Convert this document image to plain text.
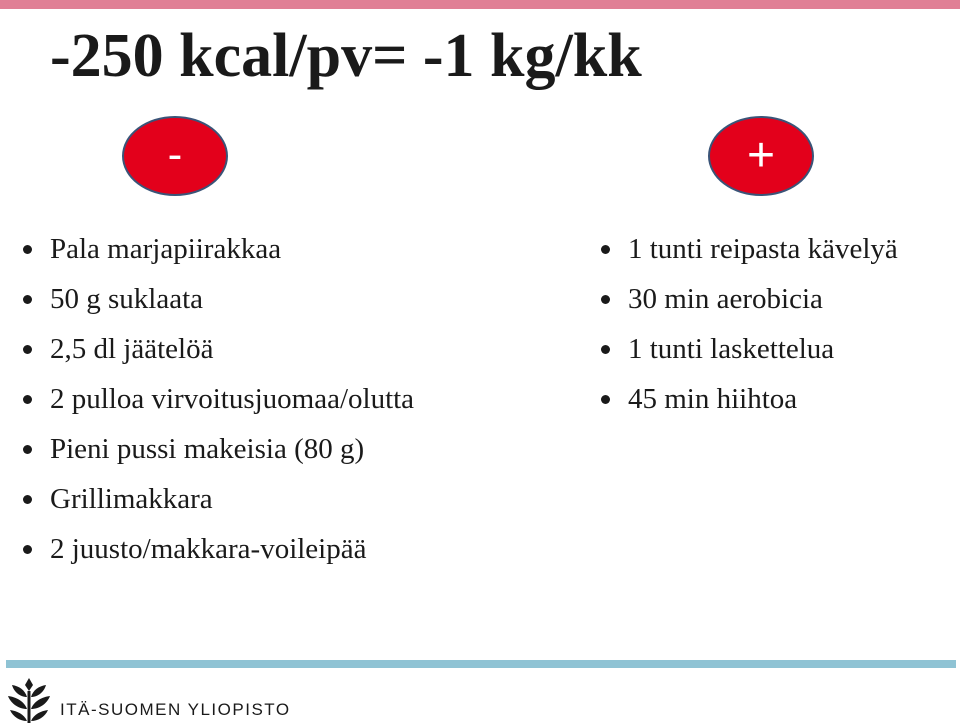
-250 kcal/pv= -1 kg/kk
-	+
Pala marjapiirakkaa
50 g suklaata
2,5 dl jäätelöä
2 pulloa virvoitusjuomaa/olutta
Pieni pussi makeisia (80 g)
Grillimakkara
2 juusto/makkara-voileipää
1 tunti reipasta kävelyä
30 min aerobicia
1 tunti laskettelua
45 min hiihtoa
ITÄ-SUOMEN YLIOPISTO
